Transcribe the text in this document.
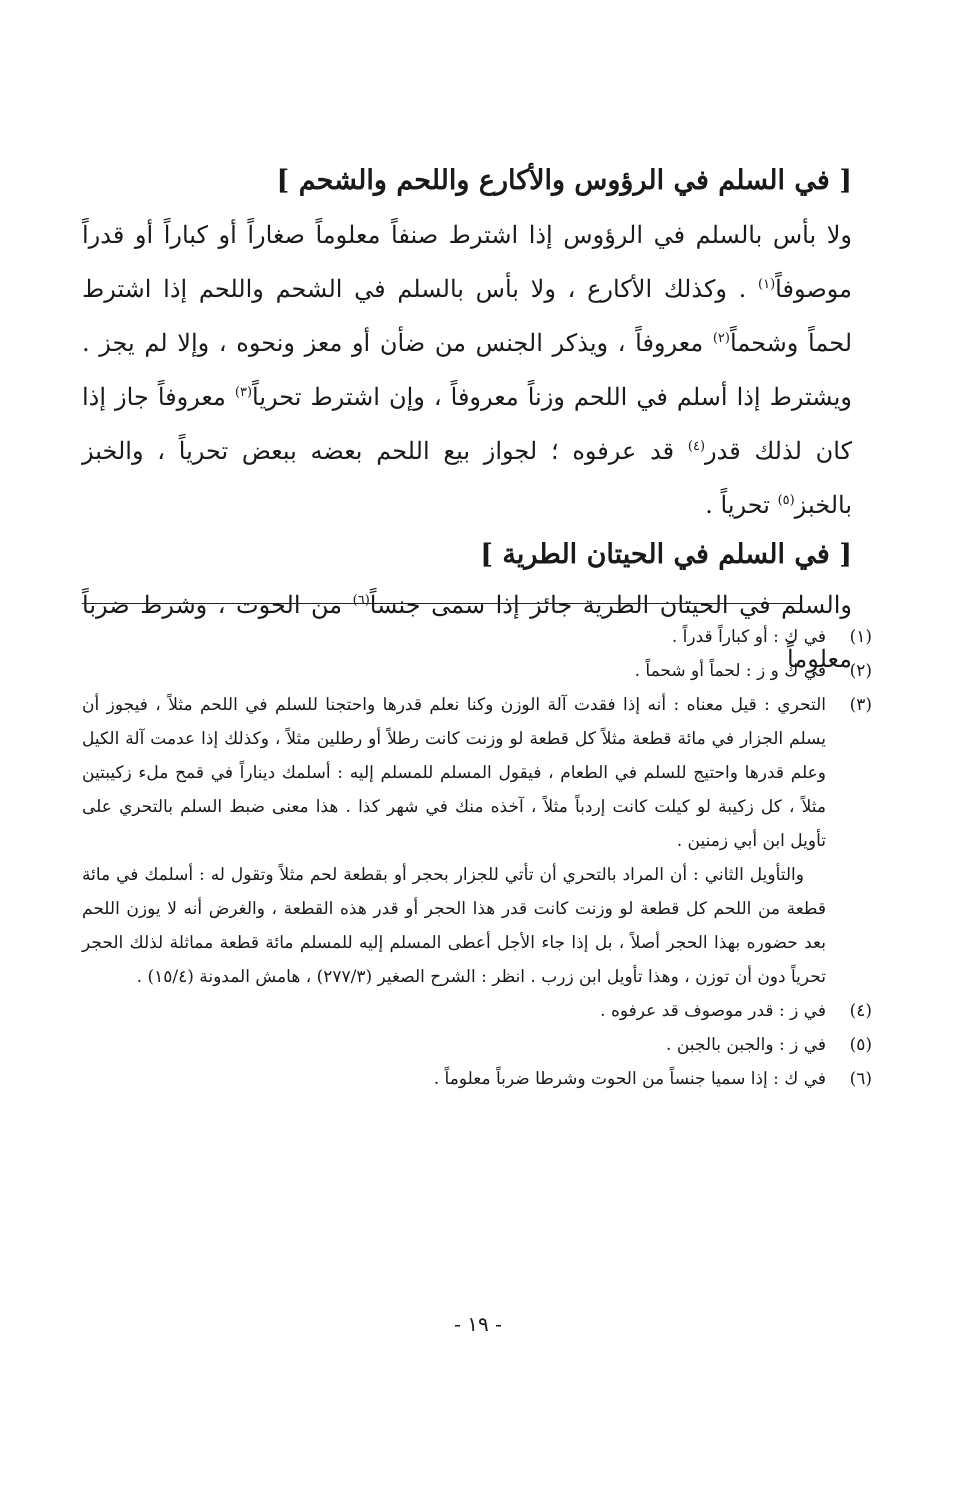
[ في السلم في الرؤوس والأكارع واللحم والشحم ]

ولا بأس بالسلم في الرؤوس إذا اشترط صنفاً معلوماً صغاراً أو كباراً أو قدراً موصوفاً$^{(١)}$ . وكذلك الأكارع ، ولا بأس بالسلم في الشحم واللحم إذا اشترط لحماً وشحماً$^{(٢)}$ معروفاً ، ويذكر الجنس من ضأن أو معز ونحوه ، وإلا لم يجز . ويشترط إذا أسلم في اللحم وزناً معروفاً ، وإن اشترط تحرياً$^{(٣)}$ معروفاً جاز إذا كان لذلك قدر$^{(٤)}$ قد عرفوه ؛ لجواز بيع اللحم بعضه ببعض تحرياً ، والخبز بالخبز$^{(٥)}$ تحرياً .

[ في السلم في الحيتان الطرية ]

والسلم في الحيتان الطرية جائز إذا سمى جنساً$^{(٦)}$ من الحوت ، وشرط ضرباً معلوماً

(١)
في ك : أو كباراً قدراً .
(٢)
في ك و ز : لحماً أو شحماً .
(٣)
التحري : قيل معناه : أنه إذا فقدت آلة الوزن وكنا نعلم قدرها واحتجنا للسلم في اللحم مثلاً ، فيجوز أن يسلم الجزار في مائة قطعة مثلاً كل قطعة لو وزنت كانت رطلاً أو رطلين مثلاً ، وكذلك إذا عدمت آلة الكيل وعلم قدرها واحتيج للسلم في الطعام ، فيقول المسلم للمسلم إليه : أسلمك ديناراً في قمح ملء زكيبتين مثلاً ، كل زكيبة لو كيلت كانت إردباً مثلاً ، آخذه منك في شهر كذا . هذا معنى ضبط السلم بالتحري على تأويل ابن أبي زمنين .

والتأويل الثاني : أن المراد بالتحري أن تأتي للجزار بحجر أو بقطعة لحم مثلاً وتقول له : أسلمك في مائة قطعة من اللحم كل قطعة لو وزنت كانت قدر هذا الحجر أو قدر هذه القطعة ، والغرض أنه لا يوزن اللحم بعد حضوره بهذا الحجر أصلاً ، بل إذا جاء الأجل أعطى المسلم إليه للمسلم مائة قطعة مماثلة لذلك الحجر تحرياً دون أن توزن ، وهذا تأويل ابن زرب . انظر : الشرح الصغير (٢٧٧/٣) ، هامش المدونة (١٥/٤) .

(٤)
في ز : قدر موصوف قد عرفوه .
(٥)
في ز : والجبن بالجبن .
(٦)
في ك : إذا سميا جنساً من الحوت وشرطا ضرباً معلوماً .
- ١٩ -
